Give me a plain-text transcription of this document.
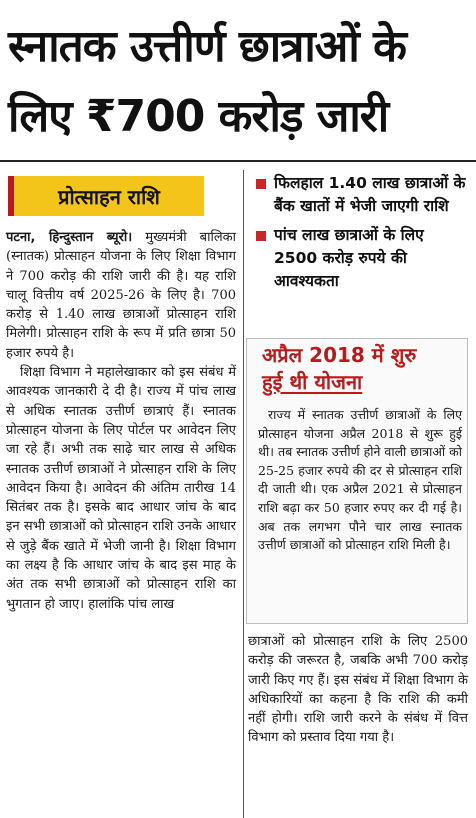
स्नातक उत्तीर्ण छात्राओं के
लिए ₹700 करोड़ जारी
प्रोत्साहन राशि

पटना, हिन्दुस्तान ब्यूरो। मुख्यमंत्री बालिका (स्नातक) प्रोत्साहन योजना के लिए शिक्षा विभाग ने 700 करोड़ की राशि जारी की है। यह राशि चालू वित्तीय वर्ष 2025-26 के लिए है। 700 करोड़ से 1.40 लाख छात्राओं प्रोत्साहन राशि मिलेगी। प्रोत्साहन राशि के रूप में प्रति छात्रा 50 हजार रुपये है।

शिक्षा विभाग ने महालेखाकार को इस संबंध में आवश्यक जानकारी दे दी है। राज्य में पांच लाख से अधिक स्नातक उत्तीर्ण छात्राएं हैं। स्नातक प्रोत्साहन योजना के लिए पोर्टल पर आवेदन लिए जा रहे हैं। अभी तक साढ़े चार लाख से अधिक स्नातक उत्तीर्ण छात्राओं ने प्रोत्साहन राशि के लिए आवेदन किया है। आवेदन की अंतिम तारीख 14 सितंबर तक है। इसके बाद आधार जांच के बाद इन सभी छात्राओं को प्रोत्साहन राशि उनके आधार से जुड़े बैंक खाते में भेजी जानी है। शिक्षा विभाग का लक्ष्य है कि आधार जांच के बाद इस माह के अंत तक सभी छात्राओं को प्रोत्साहन राशि का भुगतान हो जाए। हालांकि पांच लाख

फिलहाल 1.40 लाख छात्राओं के बैंक खातों में भेजी जाएगी राशि
पांच लाख छात्राओं के लिए 2500 करोड़ रुपये की आवश्यकता
अप्रैल 2018 में शुरु
हुई थी योजना

राज्य में स्नातक उत्तीर्ण छात्राओं के लिए प्रोत्साहन योजना अप्रैल 2018 से शुरू हुई थी। तब स्नातक उत्तीर्ण होने वाली छात्राओं को 25-25 हजार रुपये की दर से प्रोत्साहन राशि दी जाती थी। एक अप्रैल 2021 से प्रोत्साहन राशि बढ़ा कर 50 हजार रुपए कर दी गई है। अब तक लगभग पौने चार लाख स्नातक उत्तीर्ण छात्राओं को प्रोत्साहन राशि मिली है।

छात्राओं को प्रोत्साहन राशि के लिए 2500 करोड़ की जरूरत है, जबकि अभी 700 करोड़ जारी किए गए हैं। इस संबंध में शिक्षा विभाग के अधिकारियों का कहना है कि राशि की कमी नहीं होगी। राशि जारी करने के संबंध में वित्त विभाग को प्रस्ताव दिया गया है।
